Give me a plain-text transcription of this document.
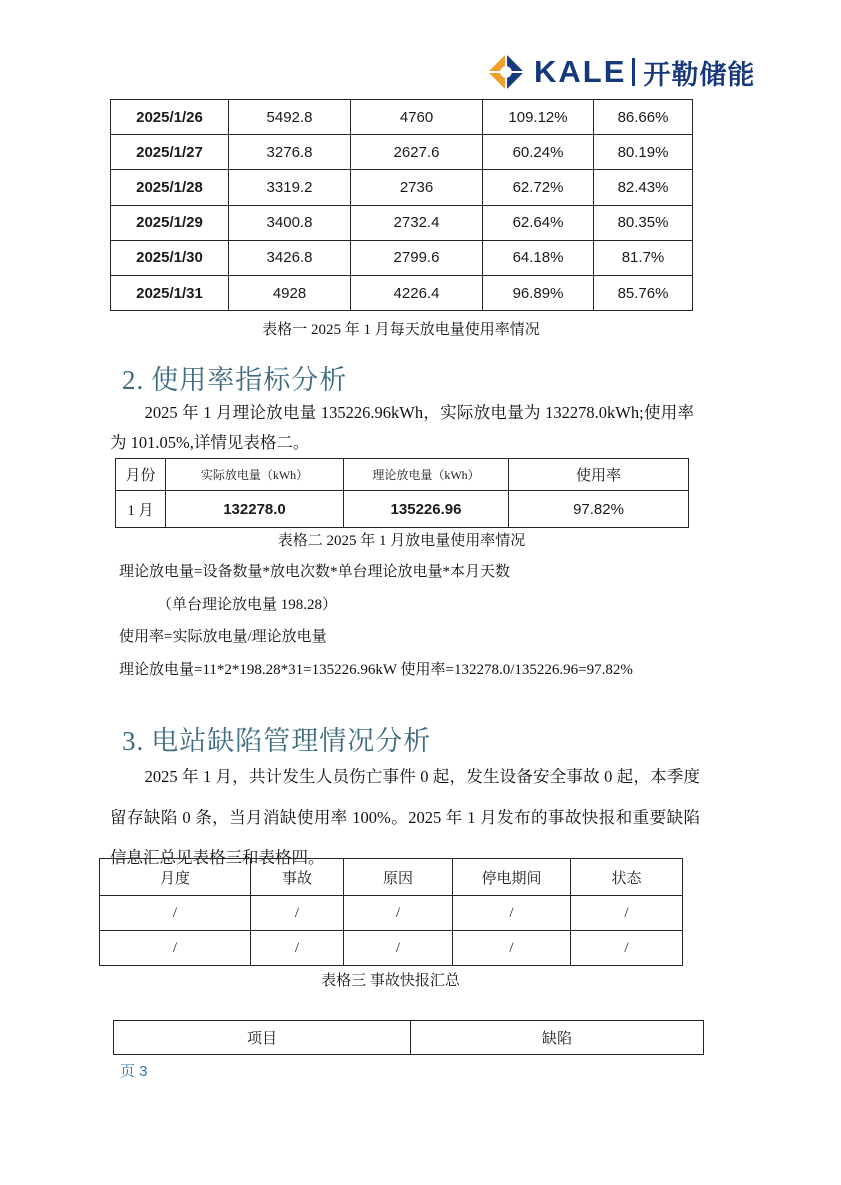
KALE 开勒储能
2025/1/26	5492.8	4760	109.12%	86.66%
2025/1/27	3276.8	2627.6	60.24%	80.19%
2025/1/28	3319.2	2736	62.72%	82.43%
2025/1/29	3400.8	2732.4	62.64%	80.35%
2025/1/30	3426.8	2799.6	64.18%	81.7%
2025/1/31	4928	4226.4	96.89%	85.76%
表格一 2025 年 1 月每天放电量使用率情况
2. 使用率指标分析

2025 年 1 月理论放电量 135226.96kWh，实际放电量为 132278.0kWh;使用率为 101.05%,详情见表格二。

月份	实际放电量（kWh）	理论放电量（kWh）	使用率
1 月	132278.0	135226.96	97.82%
表格二 2025 年 1 月放电量使用率情况
理论放电量=设备数量*放电次数*单台理论放电量*本月天数
（单台理论放电量 198.28）
使用率=实际放电量/理论放电量
理论放电量=11*2*198.28*31=135226.96kW 使用率=132278.0/135226.96=97.82%
3. 电站缺陷管理情况分析

2025 年 1 月，共计发生人员伤亡事件 0 起，发生设备安全事故 0 起，本季度留存缺陷 0 条，当月消缺使用率 100%。2025 年 1 月发布的事故快报和重要缺陷信息汇总见表格三和表格四。

月度	事故	原因	停电期间	状态
/	/	/	/	/
/	/	/	/	/
表格三 事故快报汇总
项目	缺陷
页 3
